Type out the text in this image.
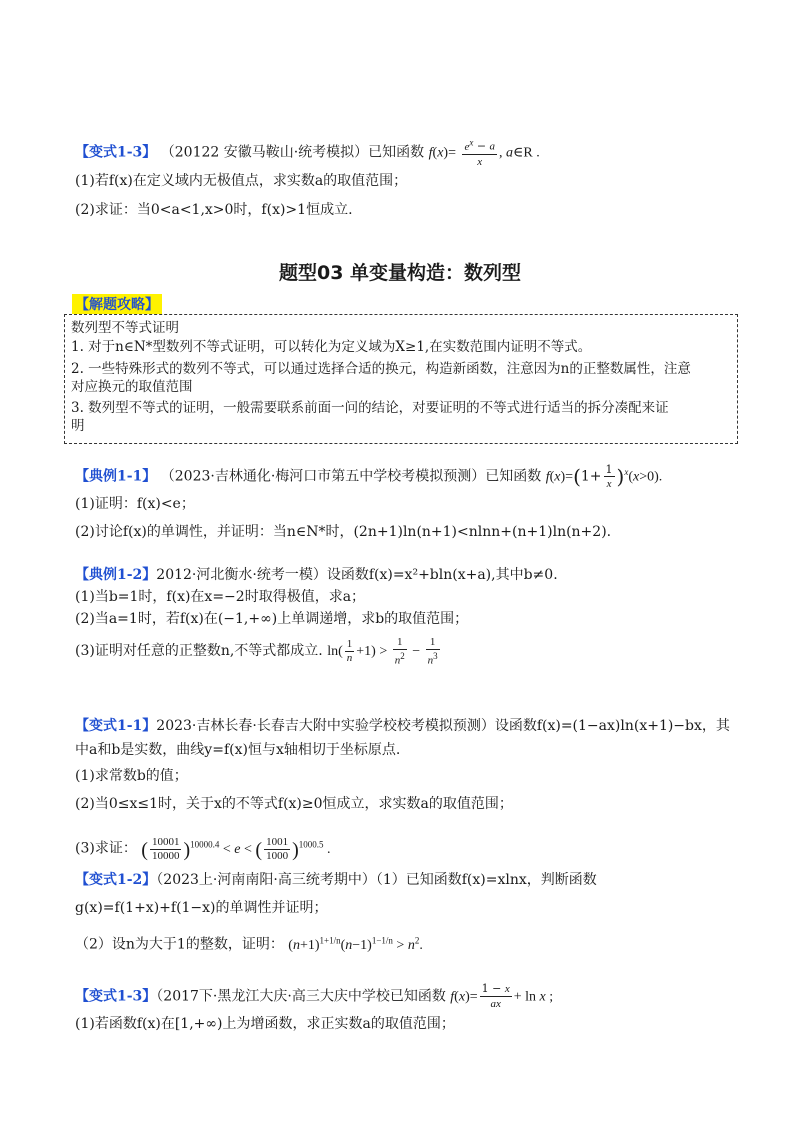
【变式1-3】 （20122 安徽马鞍山·统考模拟）已知函数 $f(x)= \frac{e^x - a}{x}$ , a∈R .
(1)若f(x)在定义域内无极值点，求实数a的取值范围；
(2)求证：当0<a<1,x>0时，f(x)>1恒成立.
题型03 单变量构造：数列型
【解题攻略】
数列型不等式证明
1. 对于n∈N*型数列不等式证明，可以转化为定义域为X≥1,在实数范围内证明不等式。
2. 一些特殊形式的数列不等式，可以通过选择合适的换元，构造新函数，注意因为n的正整数属性，注意
对应换元的取值范围
3. 数列型不等式的证明，一般需要联系前面一问的结论，对要证明的不等式进行适当的拆分凑配来证
明
【典例1-1】 （2023·吉林通化·梅河口市第五中学校考模拟预测）已知函数 $f(x)=(1+ \frac{1}{x} )^x(x>0)$.
(1)证明：f(x)<e；
(2)讨论f(x)的单调性，并证明：当n∈N*时，(2n+1)ln(n+1)<nlnn+(n+1)ln(n+2).
【典例1-2】2012·河北衡水·统考一模）设函数f(x)=x²+bln(x+a),其中b≠0.
(1)当b=1时，f(x)在x=−2时取得极值，求a；
(2)当a=1时，若f(x)在(−1,+∞)上单调递增，求b的取值范围；
(3)证明对任意的正整数n,不等式都成立. $\ln( \frac{1}{n} +1) > \frac{1}{n^2} - \frac{1}{n^3}$
【变式1-1】2023·吉林长春·长春吉大附中实验学校校考模拟预测）设函数f(x)=(1−ax)ln(x+1)−bx，其
中a和b是实数，曲线y=f(x)恒与x轴相切于坐标原点.
(1)求常数b的值；
(2)当0≤x≤1时，关于x的不等式f(x)≥0恒成立，求实数a的取值范围；
(3)求证： ( $\frac{10001}{10000} )^{10000.4} < e$ < ( $\frac{1001}{1000} )^{1000.5}$ .
【变式1-2】（2023上·河南南阳·高三统考期中）（1）已知函数f(x)=xlnx，判断函数
g(x)=f(1+x)+f(1−x)的单调性并证明；
（2）设n为大于1的整数，证明： $(n+1)^{1+1/n}(n-1)^{1-1/n} > n^2$.
【变式1-3】（2017下·黑龙江大庆·高三大庆中学校已知函数 $f(x)= \frac{1 - x}{ax} + \ln x$ ;
(1)若函数f(x)在[1,+∞)上为增函数，求正实数a的取值范围；
